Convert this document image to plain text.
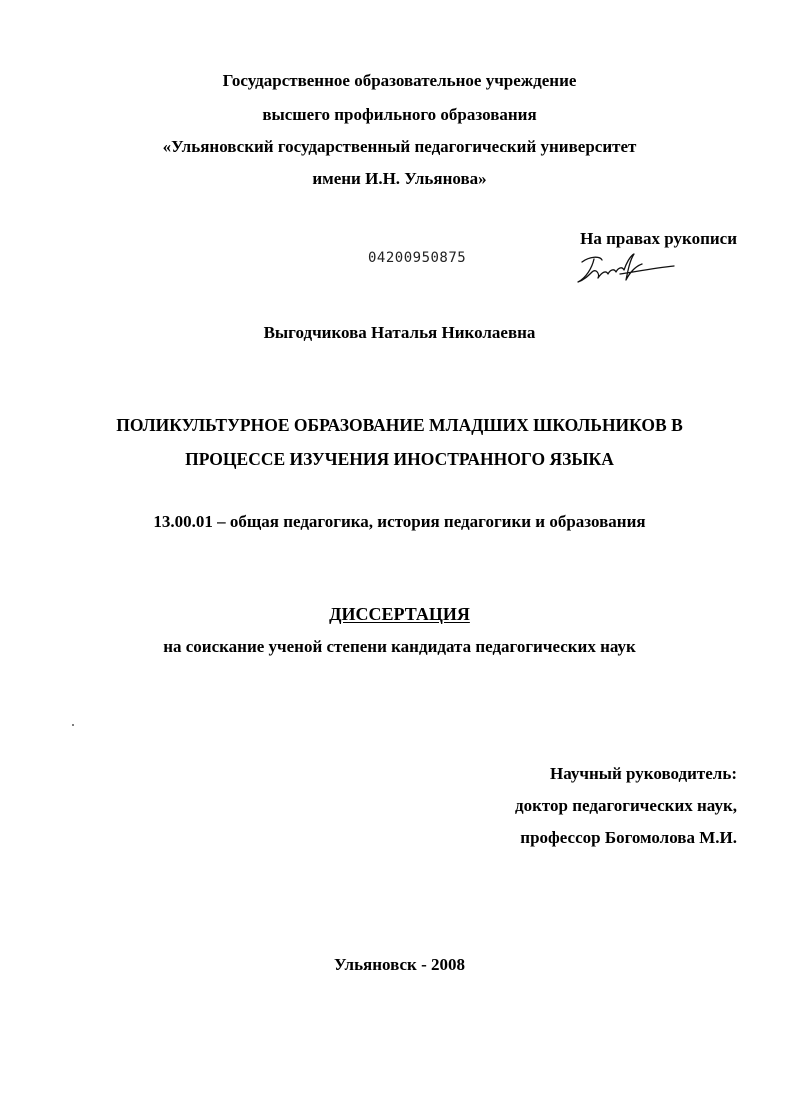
Государственное образовательное учреждение
высшего профильного образования
«Ульяновский государственный педагогический университет
имени И.Н. Ульянова»
На правах рукописи
04200950875
Выгодчикова Наталья Николаевна
ПОЛИКУЛЬТУРНОЕ ОБРАЗОВАНИЕ МЛАДШИХ ШКОЛЬНИКОВ В
ПРОЦЕССЕ ИЗУЧЕНИЯ ИНОСТРАННОГО ЯЗЫКА
13.00.01 – общая педагогика, история педагогики и образования
ДИССЕРТАЦИЯ
на соискание ученой степени кандидата педагогических наук
Научный руководитель:
доктор педагогических наук,
профессор Богомолова М.И.
Ульяновск - 2008
